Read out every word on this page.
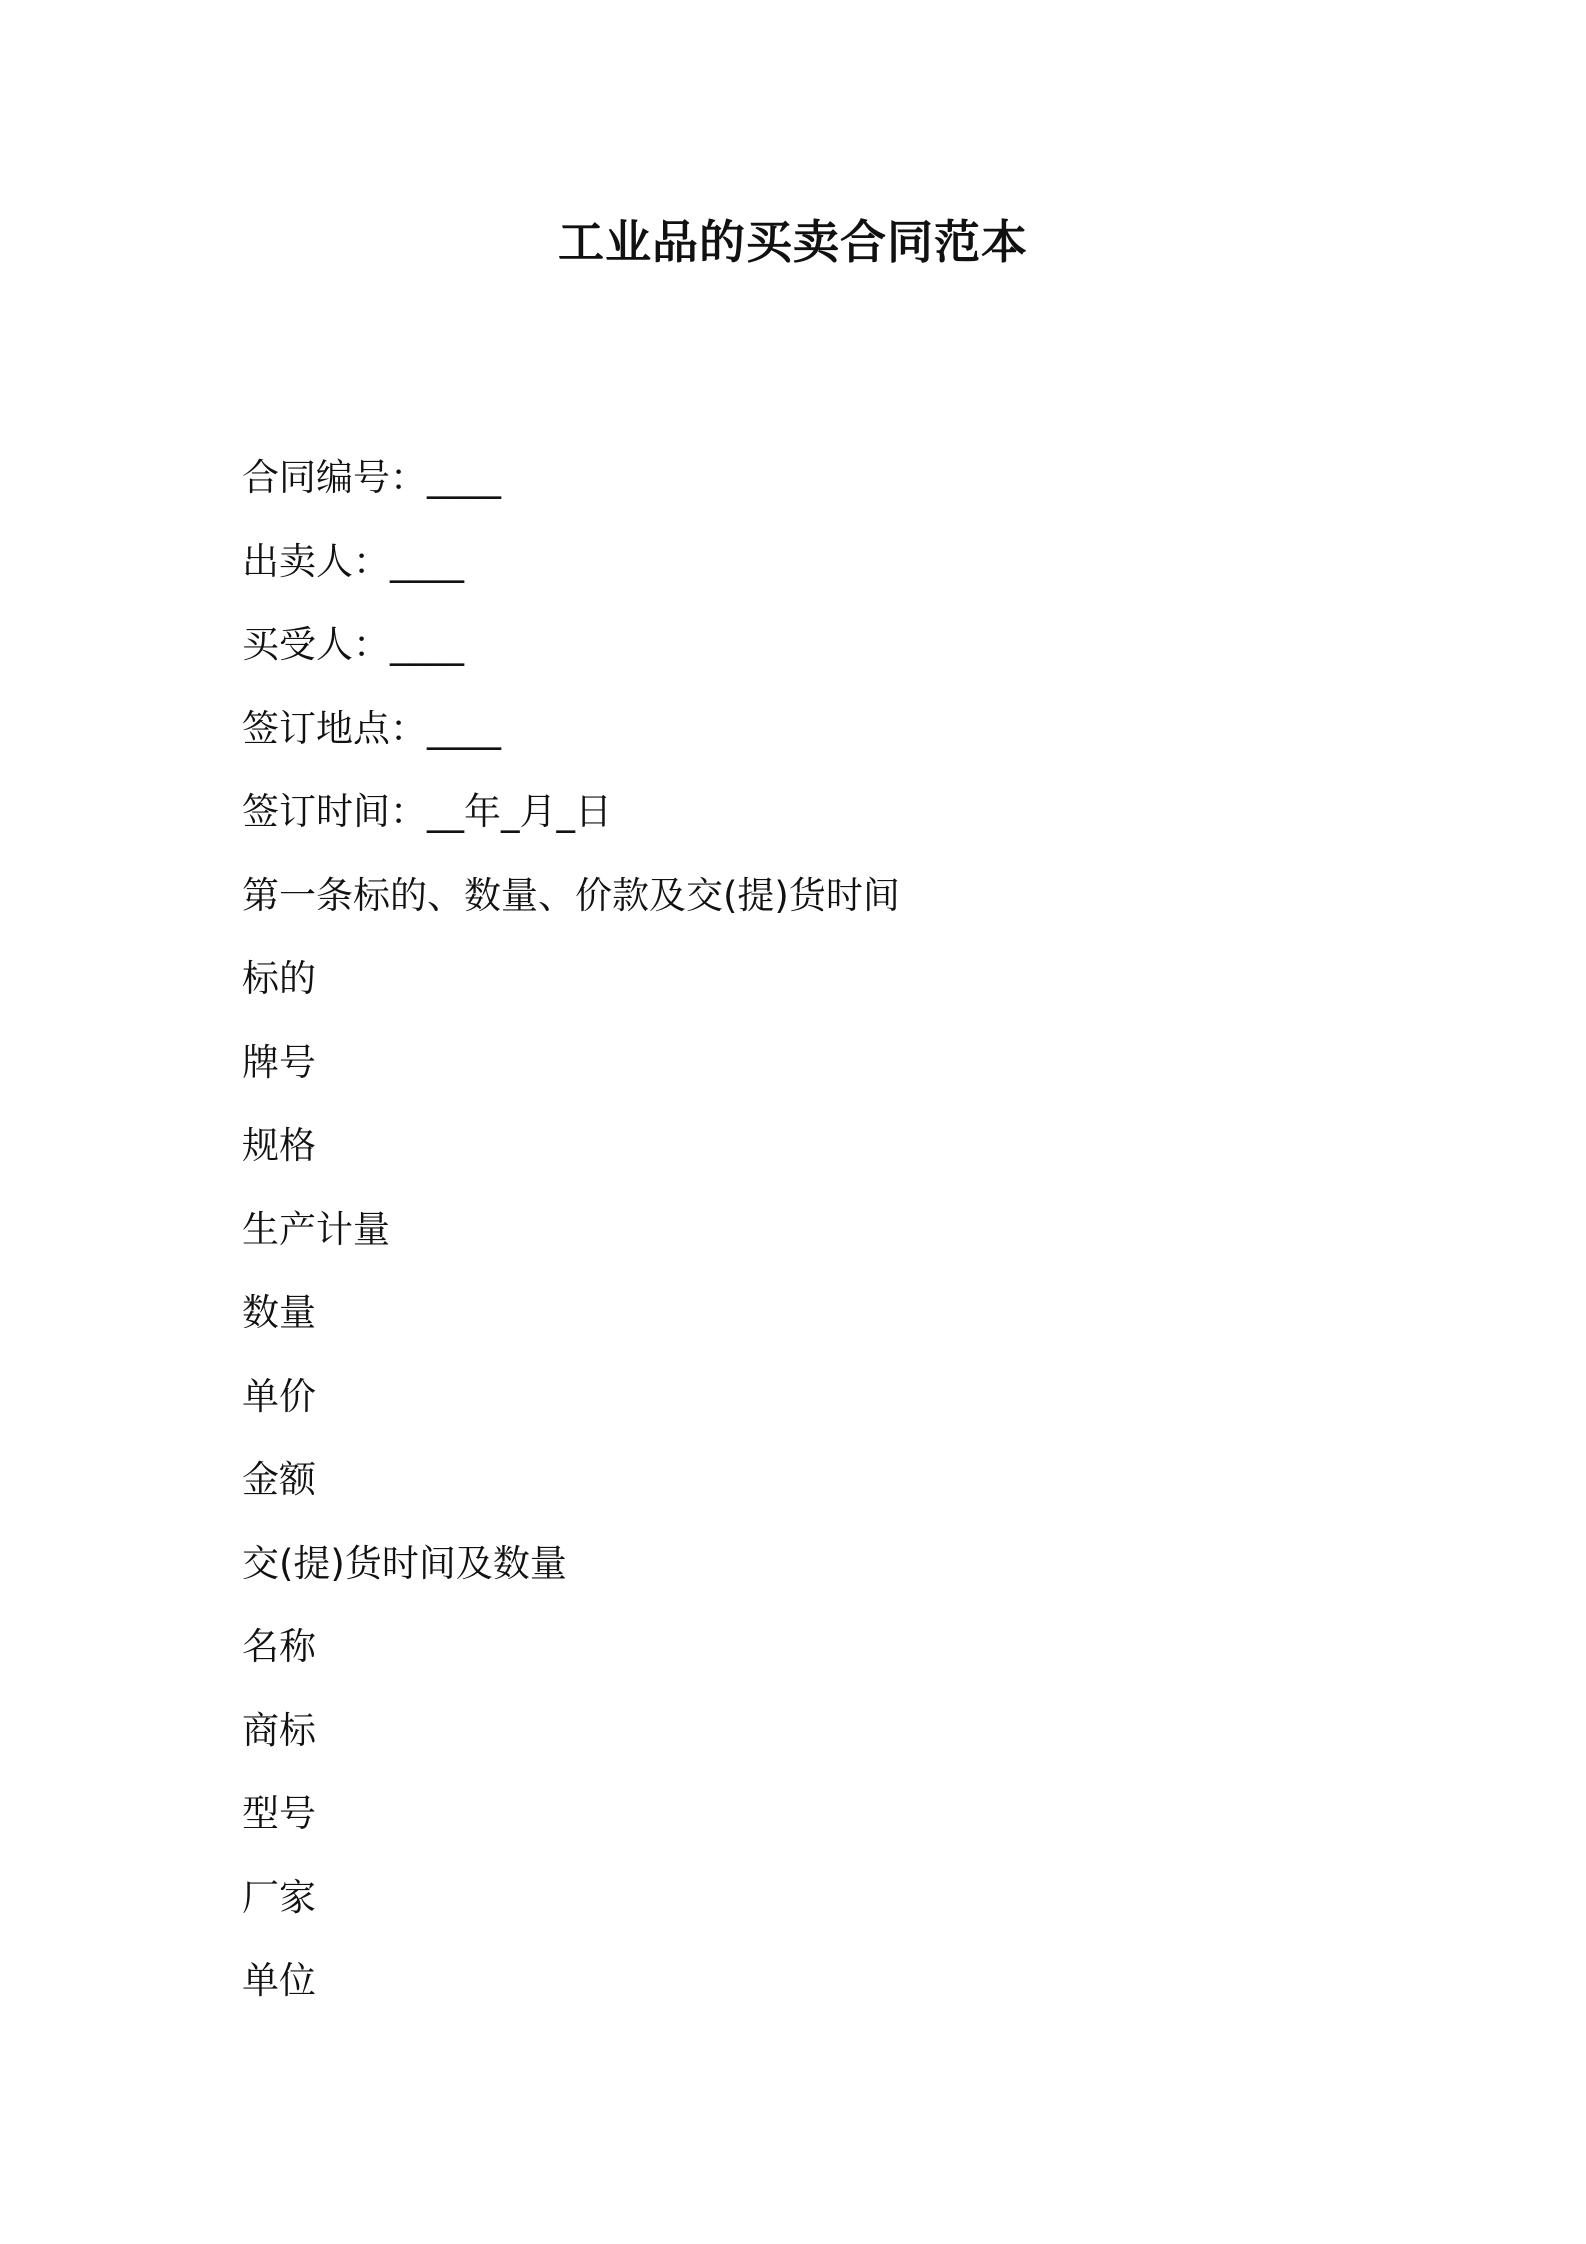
工业品的买卖合同范本
合同编号：____
出卖人：____
买受人：____
签订地点：____
签订时间：__年_月_日
第一条标的、数量、价款及交(提)货时间
标的
牌号
规格
生产计量
数量
单价
金额
交(提)货时间及数量
名称
商标
型号
厂家
单位
